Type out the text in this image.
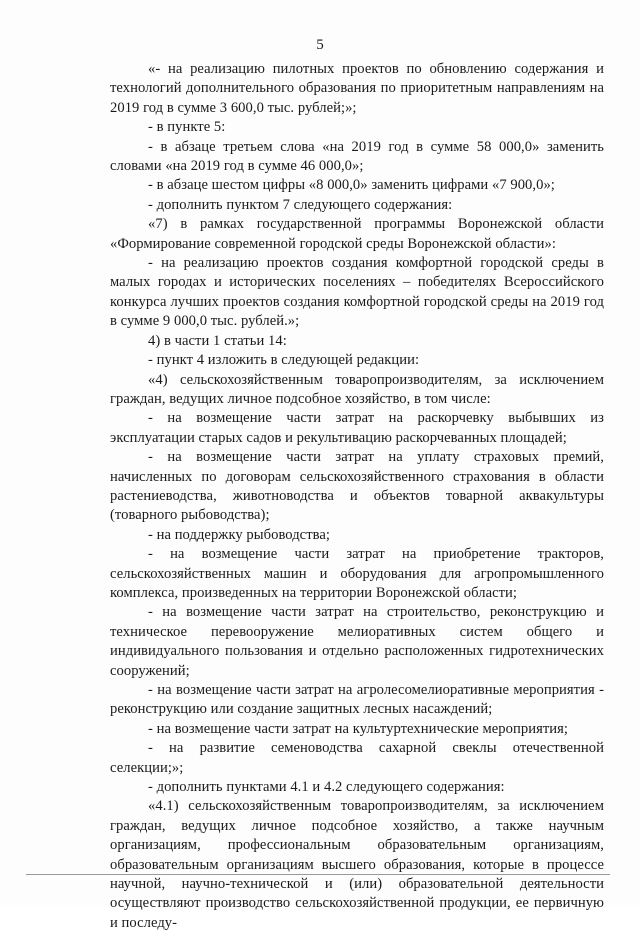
5

«- на реализацию пилотных проектов по обновлению содержания и технологий дополнительного образования по приоритетным направлениям на 2019 год в сумме 3 600,0 тыс. рублей;»;

- в пункте 5:

- в абзаце третьем слова «на 2019 год в сумме 58 000,0» заменить словами «на 2019 год в сумме 46 000,0»;

- в абзаце шестом цифры «8 000,0» заменить цифрами «7 900,0»;

- дополнить пунктом 7 следующего содержания:

«7) в рамках государственной программы Воронежской области «Формирование современной городской среды Воронежской области»:

- на реализацию проектов создания комфортной городской среды в малых городах и исторических поселениях – победителях Всероссийского конкурса лучших проектов создания комфортной городской среды на 2019 год в сумме 9 000,0 тыс. рублей.»;

4) в части 1 статьи 14:

- пункт 4 изложить в следующей редакции:

«4) сельскохозяйственным товаропроизводителям, за исключением граждан, ведущих личное подсобное хозяйство, в том числе:

- на возмещение части затрат на раскорчевку выбывших из эксплуатации старых садов и рекультивацию раскорчеванных площадей;

- на возмещение части затрат на уплату страховых премий, начисленных по договорам сельскохозяйственного страхования в области растениеводства, животноводства и объектов товарной аквакультуры (товарного рыбоводства);

- на поддержку рыбоводства;

- на возмещение части затрат на приобретение тракторов, сельскохозяйственных машин и оборудования для агропромышленного комплекса, произведенных на территории Воронежской области;

- на возмещение части затрат на строительство, реконструкцию и техническое перевооружение мелиоративных систем общего и индивидуального пользования и отдельно расположенных гидротехнических сооружений;

- на возмещение части затрат на агролесомелиоративные мероприятия - реконструкцию или создание защитных лесных насаждений;

- на возмещение части затрат на культуртехнические мероприятия;

- на развитие семеноводства сахарной свеклы отечественной селекции;»;

- дополнить пунктами 4.1 и 4.2 следующего содержания:

«4.1) сельскохозяйственным товаропроизводителям, за исключением граждан, ведущих личное подсобное хозяйство, а также научным организациям, профессиональным образовательным организациям, образовательным организациям высшего образования, которые в процессе научной, научно-технической и (или) образовательной деятельности осуществляют производство сельскохозяйственной продукции, ее первичную и последу-
